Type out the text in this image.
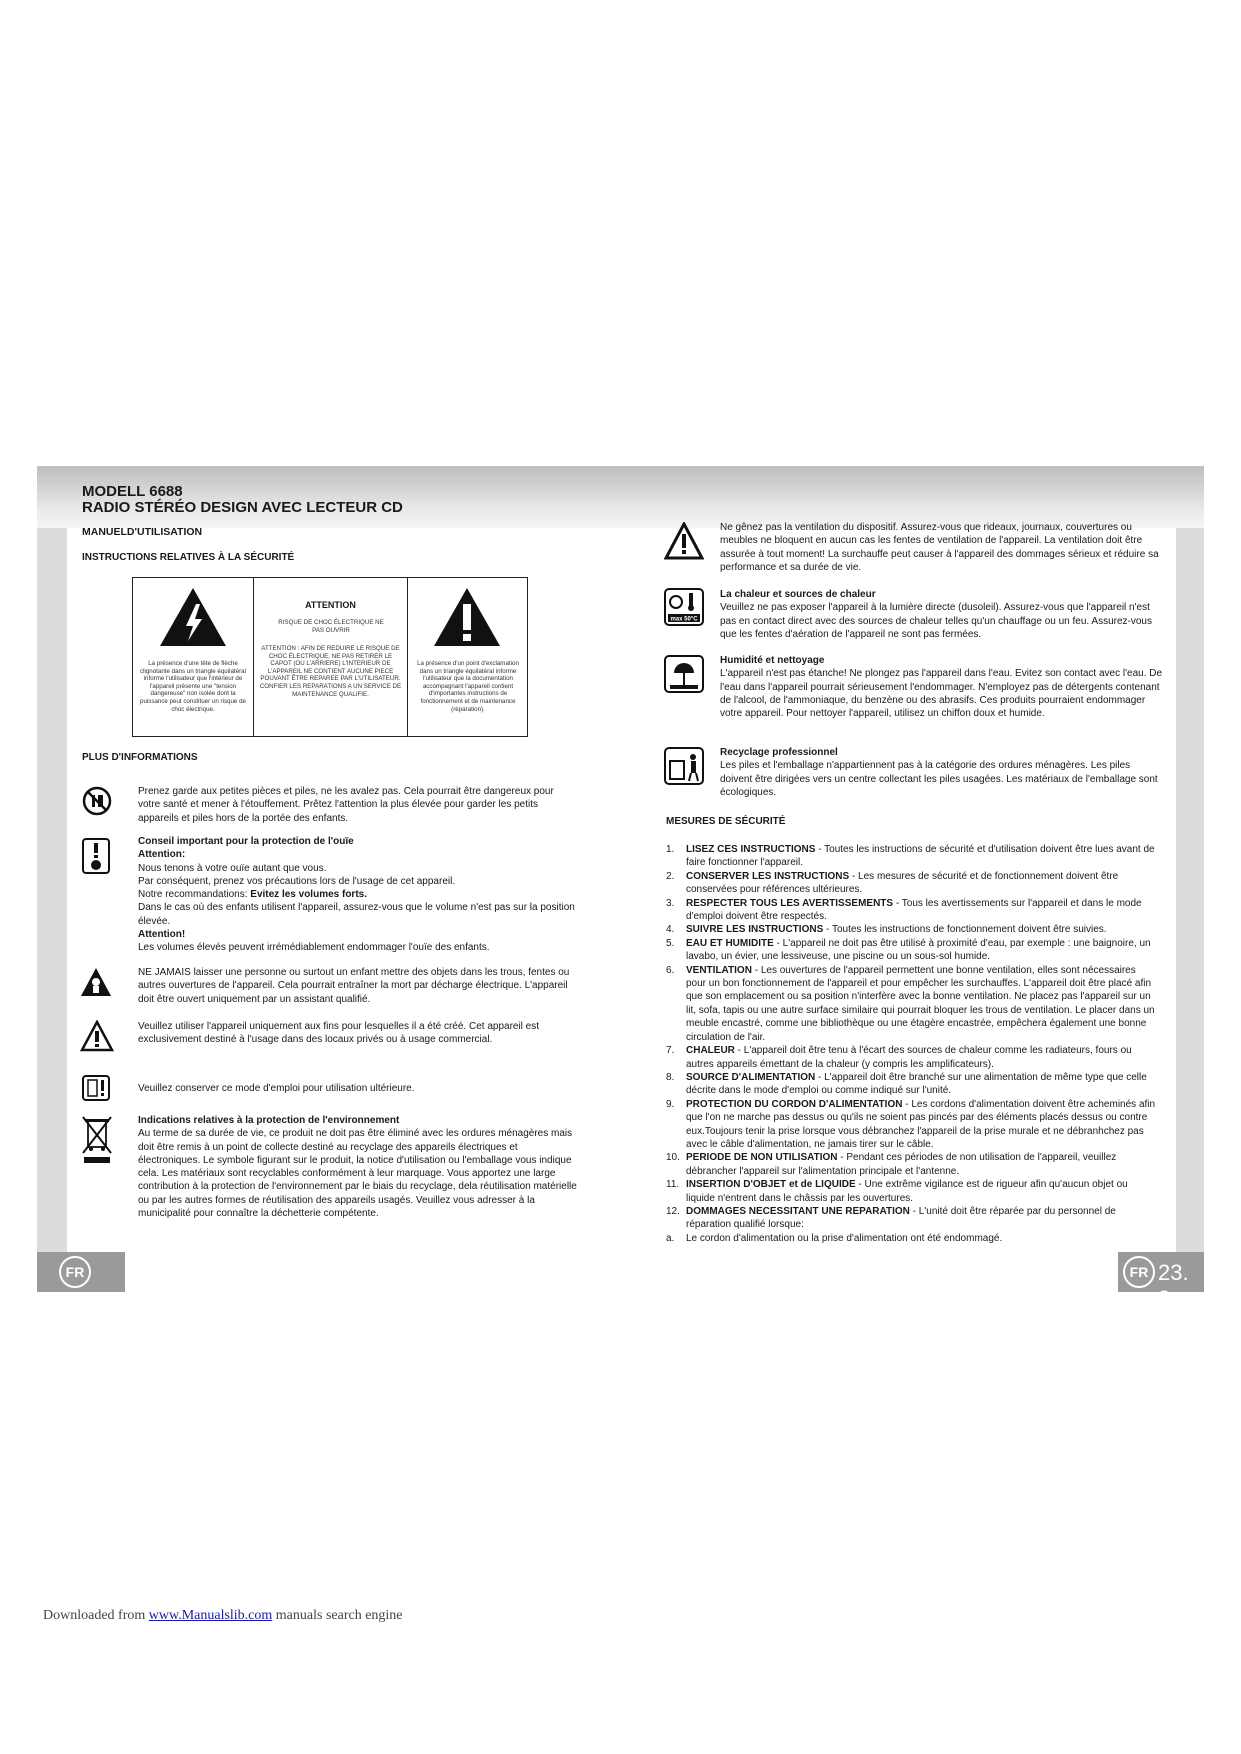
MODELL 6688
RADIO STÉRÉO DESIGN AVEC LECTEUR CD
MANUELD'UTILISATION
INSTRUCTIONS RELATIVES À LA SÉCURITÉ
La présence d'une tête de flèche clignotante dans un triangle équilatéral informe l'utilisateur que l'intérieur de l'appareil présente une "tension dangereuse" non isolée dont la puissance peut constituer un risque de choc électrique.
ATTENTION
RISQUE DE CHOC ÉLECTRIQUE NE PAS OUVRIR
ATTENTION : AFIN DE REDUIRE LE RISQUE DE CHOC ÉLECTRIQUE, NE PAS RETIRER LE CAPOT (OU L'ARRIERE) L'INTERIEUR DE L'APPAREIL NE CONTIENT AUCUNE PIECE POUVANT ÊTRE REPAREE PAR L'UTILISATEUR. CONFIER LES REPARATIONS A UN SERVICE DE MAINTENANCE QUALIFIE.
La présence d'un point d'exclamation dans un triangle équilatéral informe l'utilisateur que la documentation accompagnant l'appareil contient d'importantes instructions de fonctionnement et de maintenance (réparation).
PLUS D'INFORMATIONS
Prenez garde aux petites pièces et piles, ne les avalez pas. Cela pourrait être dangereux pour votre santé et mener à l'étouffement. Prêtez l'attention la plus élevée pour garder les petits appareils et piles hors de la portée des enfants.
Conseil important pour la protection de l'ouïe
Attention:
Nous tenons à votre ouïe autant que vous.
Par conséquent, prenez vos précautions lors de l'usage de cet appareil.
Notre recommandations: Evitez les volumes forts.
Dans le cas où des enfants utilisent l'appareil, assurez-vous que le volume n'est pas sur la position élevée.
Attention!
Les volumes élevés peuvent irrémédiablement endommager l'ouïe des enfants.
NE JAMAIS laisser une personne ou surtout un enfant mettre des objets dans les trous, fentes ou autres ouvertures de l'appareil. Cela pourrait entraîner la mort par décharge électrique. L'appareil doit être ouvert uniquement par un assistant qualifié.
Veuillez utiliser l'appareil uniquement aux fins pour lesquelles il a été créé. Cet appareil est exclusivement destiné à l'usage dans des locaux privés ou à usage commercial.
Veuillez conserver ce mode d'emploi pour utilisation ultérieure.
Indications relatives à la protection de l'environnement
Au terme de sa durée de vie, ce produit ne doit pas être éliminé avec les ordures ménagères mais doit être remis à un point de collecte destiné au recyclage des appareils électriques et électroniques. Le symbole figurant sur le produit, la notice d'utilisation ou l'emballage vous indique cela. Les matériaux sont recyclables conformément à leur marquage. Vous apportez une large contribution à la protection de l'environnement par le biais du recyclage, dela réutilisation matérielle ou par les autres formes de réutilisation des appareils usagés. Veuillez vous adresser à la municipalité pour connaître la déchetterie compétente.
Ne gênez pas la ventilation du dispositif. Assurez-vous que rideaux, journaux, couvertures ou meubles ne bloquent en aucun cas les fentes de ventilation de l'appareil. La ventilation doit être assurée à tout moment! La surchauffe peut causer à l'appareil des dommages sérieux et réduire sa performance et sa durée de vie.
max 50°C
La chaleur et sources de chaleur
Veuillez ne pas exposer l'appareil à la lumière directe (dusoleil). Assurez-vous que l'appareil n'est pas en contact direct avec des sources de chaleur telles qu'un chauffage ou un feu. Assurez-vous que les fentes d'aération de l'appareil ne sont pas fermées.
Humidité et nettoyage
L'appareil n'est pas étanche! Ne plongez pas l'appareil dans l'eau. Evitez son contact avec l'eau. De l'eau dans l'appareil pourrait sérieusement l'endommager. N'employez pas de détergents contenant de l'alcool, de l'ammoniaque, du benzène ou des abrasifs. Ces produits pourraient endommager votre appareil. Pour nettoyer l'appareil, utilisez un chiffon doux et humide.
Recyclage professionnel
Les piles et l'emballage n'appartiennent pas à la catégorie des ordures ménagères. Les piles doivent être dirigées vers un centre collectant les piles usagées. Les matériaux de l'emballage sont écologiques.
MESURES DE SÉCURITÉ
1. LISEZ CES INSTRUCTIONS - Toutes les instructions de sécurité et d'utilisation doivent être lues avant de faire fonctionner l'appareil.
2. CONSERVER LES INSTRUCTIONS - Les mesures de sécurité et de fonctionnement doivent être conservées pour références ultérieures.
3. RESPECTER TOUS LES AVERTISSEMENTS - Tous les avertissements sur l'appareil et dans le mode d'emploi doivent être respectés.
4. SUIVRE LES INSTRUCTIONS - Toutes les instructions de fonctionnement doivent être suivies.
5. EAU ET HUMIDITE - L'appareil ne doit pas être utilisé à proximité d'eau, par exemple : une baignoire, un lavabo, un évier, une lessiveuse, une piscine ou un sous-sol humide.
6. VENTILATION - Les ouvertures de l'appareil permettent une bonne ventilation, elles sont nécessaires pour un bon fonctionnement de l'appareil et pour empêcher les surchauffes. L'appareil doit être placé afin que son emplacement ou sa position n'interfère avec la bonne ventilation. Ne placez pas l'appareil sur un lit, sofa, tapis ou une autre surface similaire qui pourrait bloquer les trous de ventilation. Le placer dans un meuble encastré, comme une bibliothèque ou une étagère encastrée, empêchera également une bonne circulation de l'air.
7. CHALEUR - L'appareil doit être tenu à l'écart des sources de chaleur comme les radiateurs, fours ou autres appareils émettant de la chaleur (y compris les amplificateurs).
8. SOURCE D'ALIMENTATION - L'appareil doit être branché sur une alimentation de même type que celle décrite dans le mode d'emploi ou comme indiqué sur l'unité.
9. PROTECTION DU CORDON D'ALIMENTATION - Les cordons d'alimentation doivent être acheminés afin que l'on ne marche pas dessus ou qu'ils ne soient pas pincés par des éléments placés dessus ou contre eux.Toujours tenir la prise lorsque vous débranchez l'appareil de la prise murale et ne débranhchez pas avec le câble d'alimentation, ne jamais tirer sur le câble.
10. PERIODE DE NON UTILISATION - Pendant ces périodes de non utilisation de l'appareil, veuillez débrancher l'appareil sur l'alimentation principale et l'antenne.
11. INSERTION D'OBJET et de LIQUIDE - Une extrême vigilance est de rigueur afin qu'aucun objet ou liquide n'entrent dans le châssis par les ouvertures.
12. DOMMAGES NECESSITANT UNE REPARATION - L'unité doit être réparée par du personnel de réparation qualifié lorsque:
a. Le cordon d'alimentation ou la prise d'alimentation ont été endommagé.
FR	FR 23. 2
Downloaded from www.Manualslib.com manuals search engine
